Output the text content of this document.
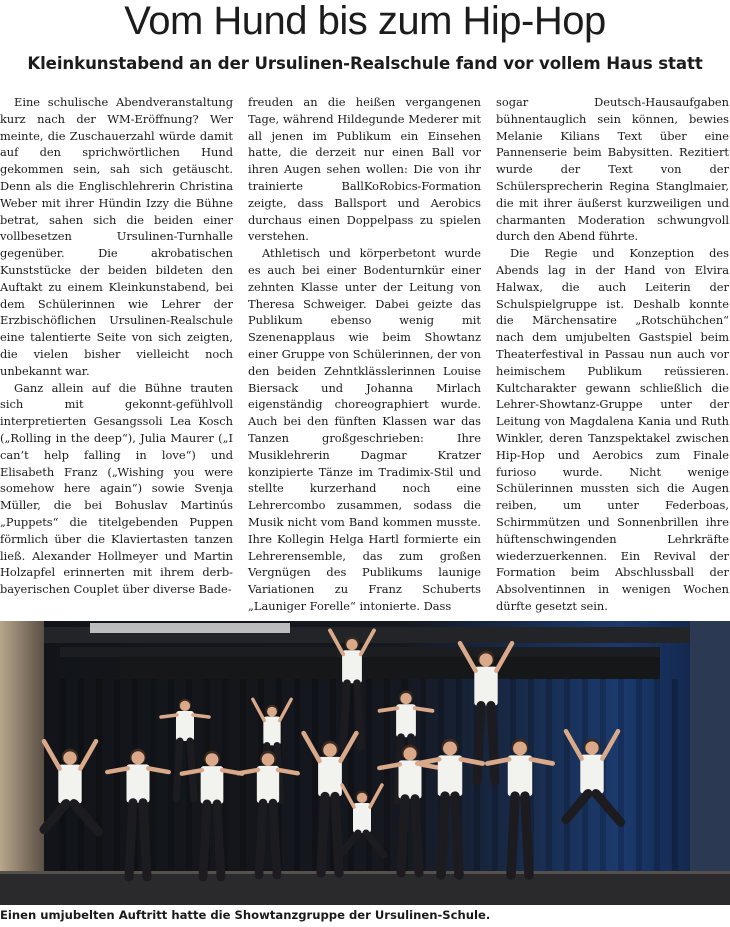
Vom Hund bis zum Hip-Hop
Kleinkunstabend an der Ursulinen-Realschule fand vor vollem Haus statt

Eine schulische Abendveranstaltung kurz nach der WM-Eröffnung? Wer meinte, die Zuschauerzahl würde damit auf den sprichwörtlichen Hund gekommen sein, sah sich getäuscht. Denn als die Englischlehrerin Christina Weber mit ihrer Hündin Izzy die Bühne betrat, sahen sich die beiden einer vollbesetzen Ursulinen-Turnhalle gegenüber. Die akrobatischen Kunststücke der beiden bildeten den Auftakt zu einem Kleinkunstabend, bei dem Schülerinnen wie Lehrer der Erzbischöflichen Ursulinen-Realschule eine talentierte Seite von sich zeigten, die vielen bisher vielleicht noch unbekannt war.

Ganz allein auf die Bühne trauten sich mit gekonnt-gefühlvoll interpretierten Gesangssoli Lea Kosch („Rolling in the deep“), Julia Maurer („I can’t help falling in love“) und Elisabeth Franz („Wishing you were somehow here again“) sowie Svenja Müller, die bei Bohuslav Martinús „Puppets“ die titelgebenden Puppen förmlich über die Klaviertasten tanzen ließ. Alexander Hollmeyer und Martin Holzapfel erinnerten mit ihrem derb-bayerischen Couplet über diverse Bade-

freuden an die heißen vergangenen Tage, während Hildegunde Mederer mit all jenen im Publikum ein Einsehen hatte, die derzeit nur einen Ball vor ihren Augen sehen wollen: Die von ihr trainierte BallKoRobics-Formation zeigte, dass Ballsport und Aerobics durchaus einen Doppelpass zu spielen verstehen.

Athletisch und körperbetont wurde es auch bei einer Bodenturnkür einer zehnten Klasse unter der Leitung von Theresa Schweiger. Dabei geizte das Publikum ebenso wenig mit Szenenapplaus wie beim Showtanz einer Gruppe von Schülerinnen, der von den beiden Zehntklässlerinnen Louise Biersack und Johanna Mirlach eigenständig choreographiert wurde. Auch bei den fünften Klassen war das Tanzen großgeschrieben: Ihre Musiklehrerin Dagmar Kratzer konzipierte Tänze im Tradimix-Stil und stellte kurzerhand noch eine Lehrercombo zusammen, sodass die Musik nicht vom Band kommen musste. Ihre Kollegin Helga Hartl formierte ein Lehrerensemble, das zum großen Vergnügen des Publikums launige Variationen zu Franz Schuberts „Launiger Forelle“ intonierte. Dass

sogar Deutsch-Hausaufgaben bühnentauglich sein können, bewies Melanie Kilians Text über eine Pannenserie beim Babysitten. Rezitiert wurde der Text von der Schülersprecherin Regina Stanglmaier, die mit ihrer äußerst kurzweiligen und charmanten Moderation schwungvoll durch den Abend führte.

Die Regie und Konzeption des Abends lag in der Hand von Elvira Halwax, die auch Leiterin der Schulspielgruppe ist. Deshalb konnte die Märchensatire „Rotschühchen“ nach dem umjubelten Gastspiel beim Theaterfestival in Passau nun auch vor heimischem Publikum reüssieren. Kultcharakter gewann schließlich die Lehrer-Showtanz-Gruppe unter der Leitung von Magdalena Kania und Ruth Winkler, deren Tanzspektakel zwischen Hip-Hop und Aerobics zum Finale furioso wurde. Nicht wenige Schülerinnen mussten sich die Augen reiben, um unter Federboas, Schirmmützen und Sonnenbrillen ihre hüftenschwingenden Lehrkräfte wiederzuerkennen. Ein Revival der Formation beim Abschlussball der Absolventinnen in wenigen Wochen dürfte gesetzt sein.

Einen umjubelten Auftritt hatte die Showtanzgruppe der Ursulinen-Schule.
